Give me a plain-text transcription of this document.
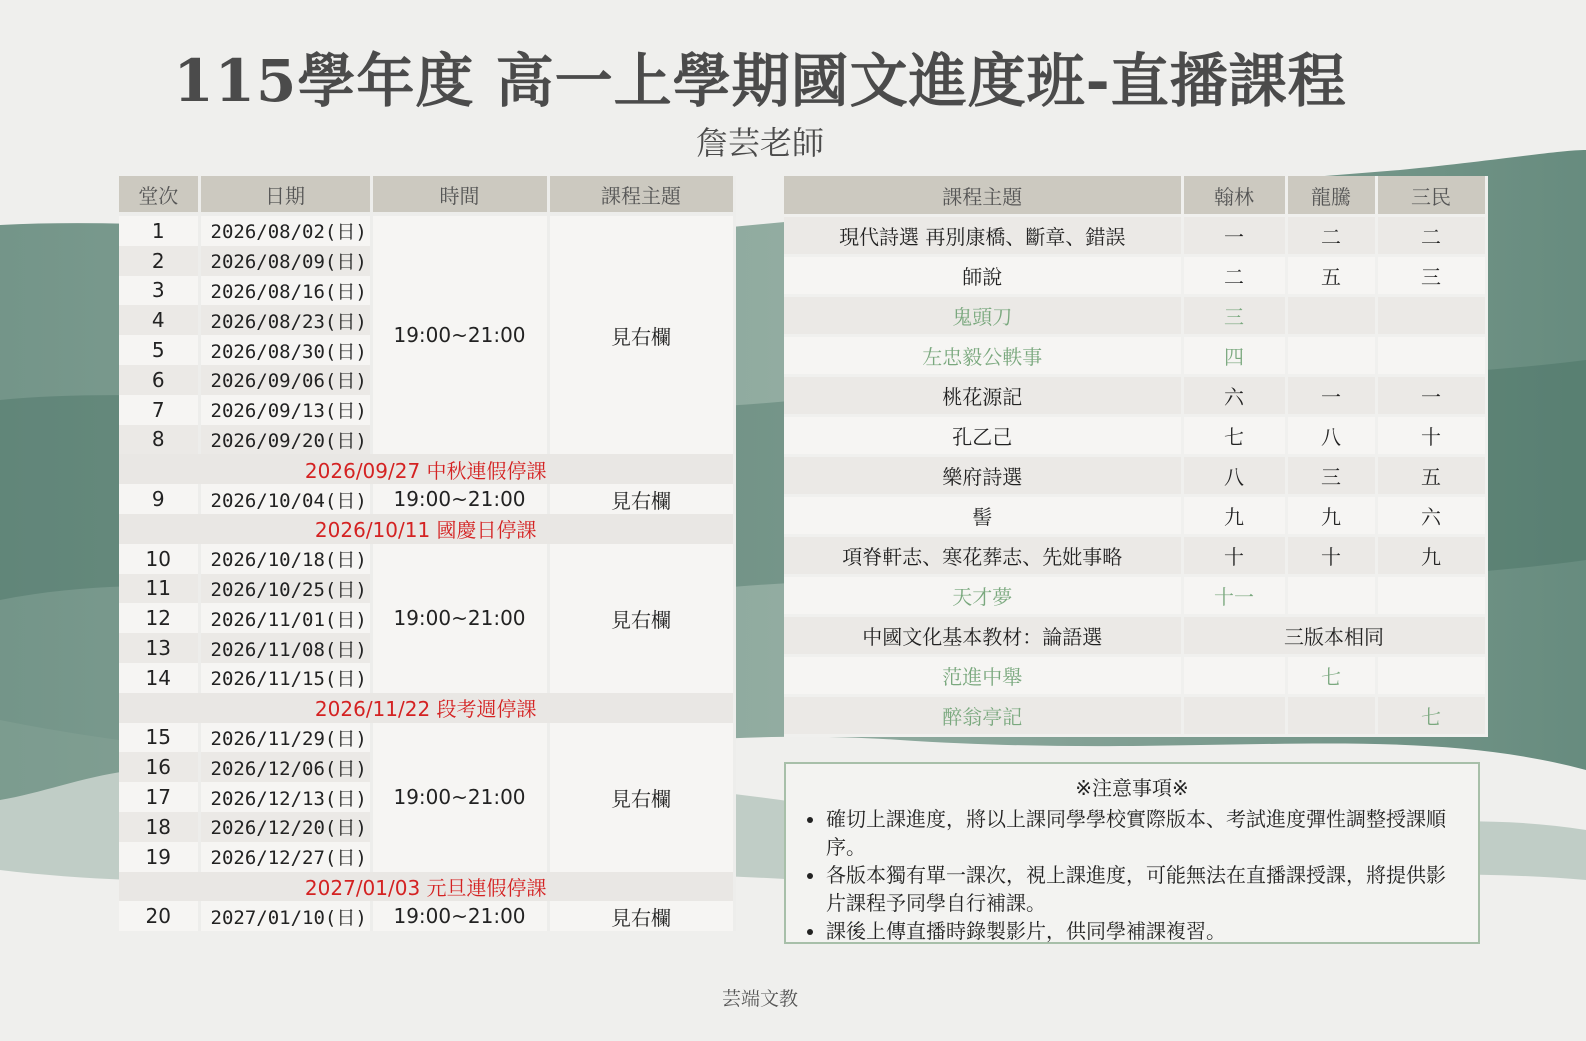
115學年度 高一上學期國文進度班-直播課程
詹芸老師
堂次	日期	時間	課程主題
1	2026/08/02(日)	19:00~21:00	見右欄
2	2026/08/09(日)		
3	2026/08/16(日)		
4	2026/08/23(日)		
5	2026/08/30(日)		
6	2026/09/06(日)		
7	2026/09/13(日)		
8	2026/09/20(日)		
2026/09/27 中秋連假停課			
9	2026/10/04(日)	19:00~21:00	見右欄
2026/10/11 國慶日停課			
10	2026/10/18(日)	19:00~21:00	見右欄
11	2026/10/25(日)		
12	2026/11/01(日)		
13	2026/11/08(日)		
14	2026/11/15(日)		
2026/11/22 段考週停課			
15	2026/11/29(日)	19:00~21:00	見右欄
16	2026/12/06(日)		
17	2026/12/13(日)		
18	2026/12/20(日)		
19	2026/12/27(日)		
2027/01/03 元旦連假停課			
20	2027/01/10(日)	19:00~21:00	見右欄
課程主題	翰林	龍騰	三民
現代詩選 再別康橋、斷章、錯誤	一	二	二
師說	二	五	三
鬼頭刀	三		
左忠毅公軼事	四		
桃花源記	六	一	一
孔乙己	七	八	十
樂府詩選	八	三	五
髻	九	九	六
項脊軒志、寒花葬志、先妣事略	十	十	九
天才夢	十一		
中國文化基本教材：論語選	三版本相同		
范進中舉		七	
醉翁亭記			七
※注意事項※
• 確切上課進度，將以上課同學學校實際版本、考試進度彈性調整授課順序。
• 各版本獨有單一課次，視上課進度，可能無法在直播課授課，將提供影片課程予同學自行補課。
• 課後上傳直播時錄製影片，供同學補課複習。
芸端文教
